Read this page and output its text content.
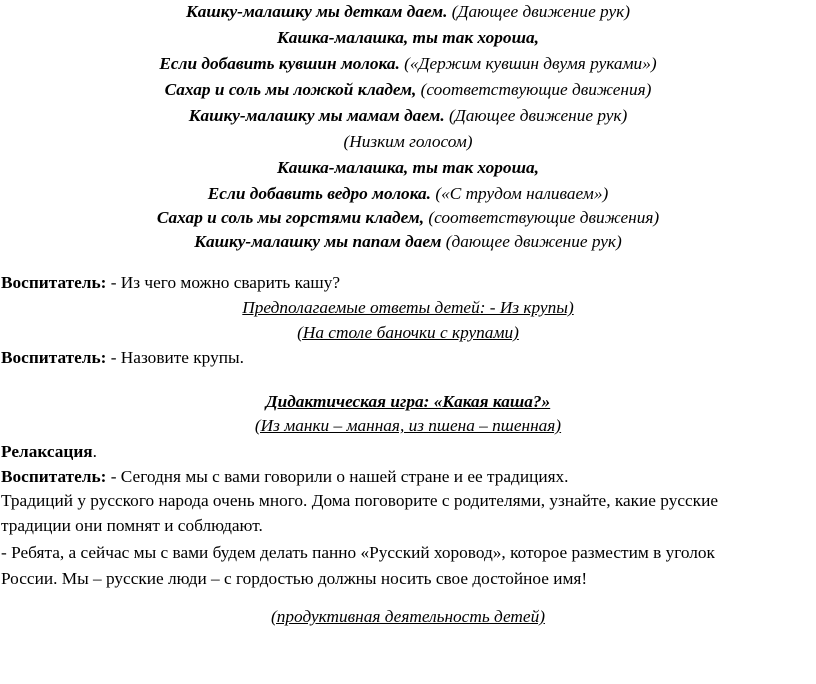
Кашку-малашку мы деткам даем. (Дающее движение рук)
Кашка-малашка, ты так хороша,
Если добавить кувшин молока. («Держим кувшин двумя руками»)
Сахар и соль мы ложкой кладем, (соответствующие движения)
Кашку-малашку мы мамам даем. (Дающее движение рук)
(Низким голосом)
Кашка-малашка, ты так хороша,
Если добавить ведро молока. («С трудом наливаем»)
Сахар и соль мы горстями кладем, (соответствующие движения)
Кашку-малашку мы папам даем (дающее движение рук)
Воспитатель: - Из чего можно сварить кашу?
Предполагаемые ответы детей: - Из крупы)
(На столе баночки с крупами)
Воспитатель: - Назовите крупы.
Дидактическая игра: «Какая каша?»
(Из манки – манная, из пшена – пшенная)
Релаксация.
Воспитатель: - Сегодня мы с вами говорили о нашей стране и ее традициях.
Традиций у русского народа очень много. Дома поговорите с родителями, узнайте, какие русские
традиции они помнят и соблюдают.
- Ребята, а сейчас мы с вами будем делать панно «Русский хоровод», которое разместим в уголок
России. Мы – русские люди – с гордостью должны носить свое достойное имя!
(продуктивная деятельность детей)
